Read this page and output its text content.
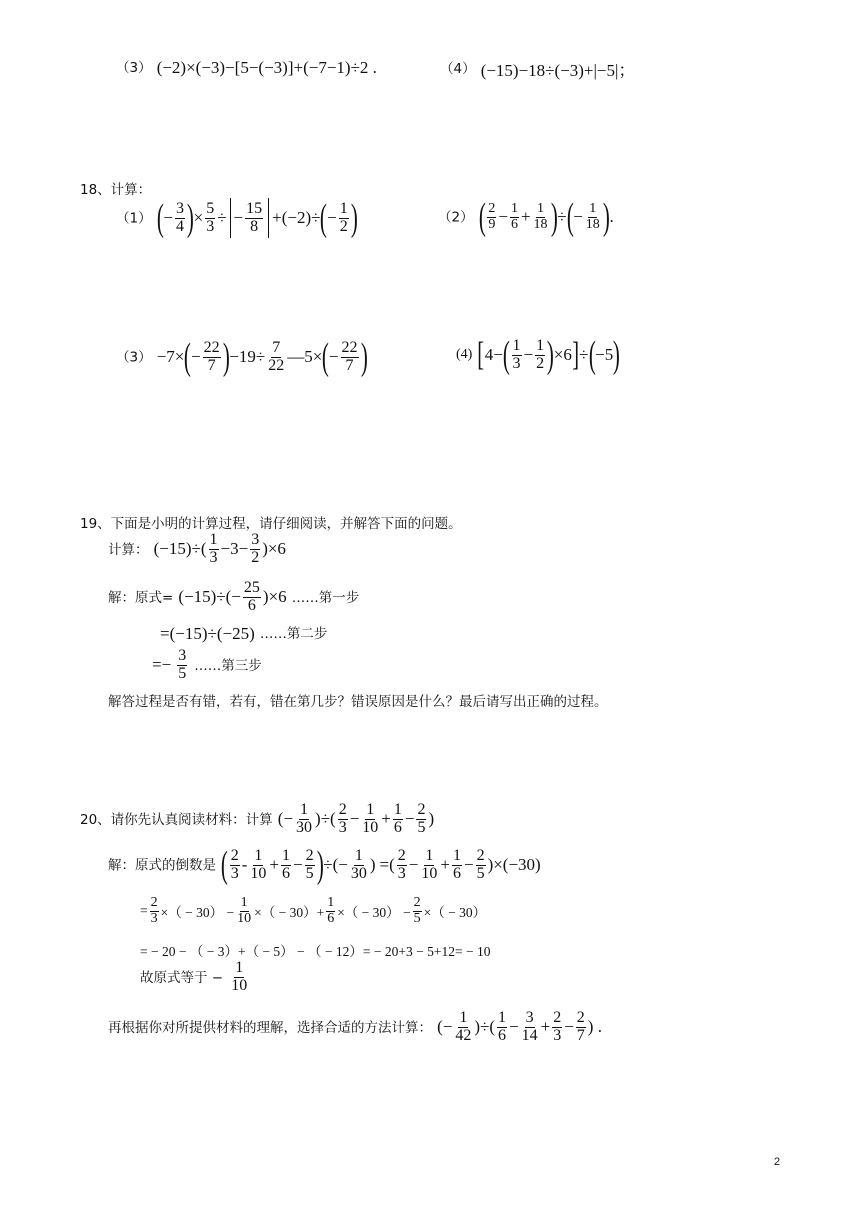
（3） (−2)×(−3)−[5−(−3)]+(−7−1)÷2 .	（4） (−15)−18÷(−3)+|−5|；
18、计算：
（1） ( − $\frac{3}{4}$ ) × $\frac{5}{3}$ ÷ − $\frac{15}{8} +(-2)\div$ ( − $\frac{1}{2}$ )	（2） ( $\frac{2}{9} - \frac{1}{6} + \frac{1}{18}$ ) ÷ ( − $\frac{1}{18}$ ) .
（3） −7× ( − $\frac{22}{7}$ ) $-19\div \frac{7}{22}$ —5× ( − $\frac{22}{7}$ )	(4) [ 4− ( $\frac{1}{3} - \frac{1}{2}$ ) ×6 ] ÷ ( −5 )
19、下面是小明的计算过程，请仔细阅读，并解答下面的问题。
计算： $(-15)\div( \frac{1}{3} -3- \frac{3}{2} )\times 6$
解：原式= $(-15)\div(- \frac{25}{6} )\times 6$ ……第一步
=(−15)÷(−25) ……第二步
=− $\frac{3}{5}$ ……第三步
解答过程是否有错，若有，错在第几步？错误原因是什么？最后请写出正确的过程。
20、请你先认真阅读材料：计算 (− $\frac{1}{30}$ )÷( $\frac{2}{3} - \frac{1}{10} + \frac{1}{6} - \frac{2}{5}$ )
解：原式的倒数是 ( $\frac{2}{3} - \frac{1}{10} + \frac{1}{6} - \frac{2}{5}$ ) ÷(− $\frac{1}{30}$ ) =( $\frac{2}{3} - \frac{1}{10} + \frac{1}{6} - \frac{2}{5} )\times(-30)$
= $\frac{2}{3}$ ×（ − $30) - \frac{1}{10}$ ×（ − $30)+ \frac{1}{6}$ ×（ − $30) - \frac{2}{5}$ ×（ − 30）
= − 20 − （ − 3）+（ − 5） − （ − 12）= − 20+3 − 5+12= − 10
故原式等于 − $\frac{1}{10}$
再根据你对所提供材料的理解，选择合适的方法计算： (− $\frac{1}{42}$ )÷( $\frac{1}{6} - \frac{3}{14} + \frac{2}{3} - \frac{2}{7}$ ) .
2
